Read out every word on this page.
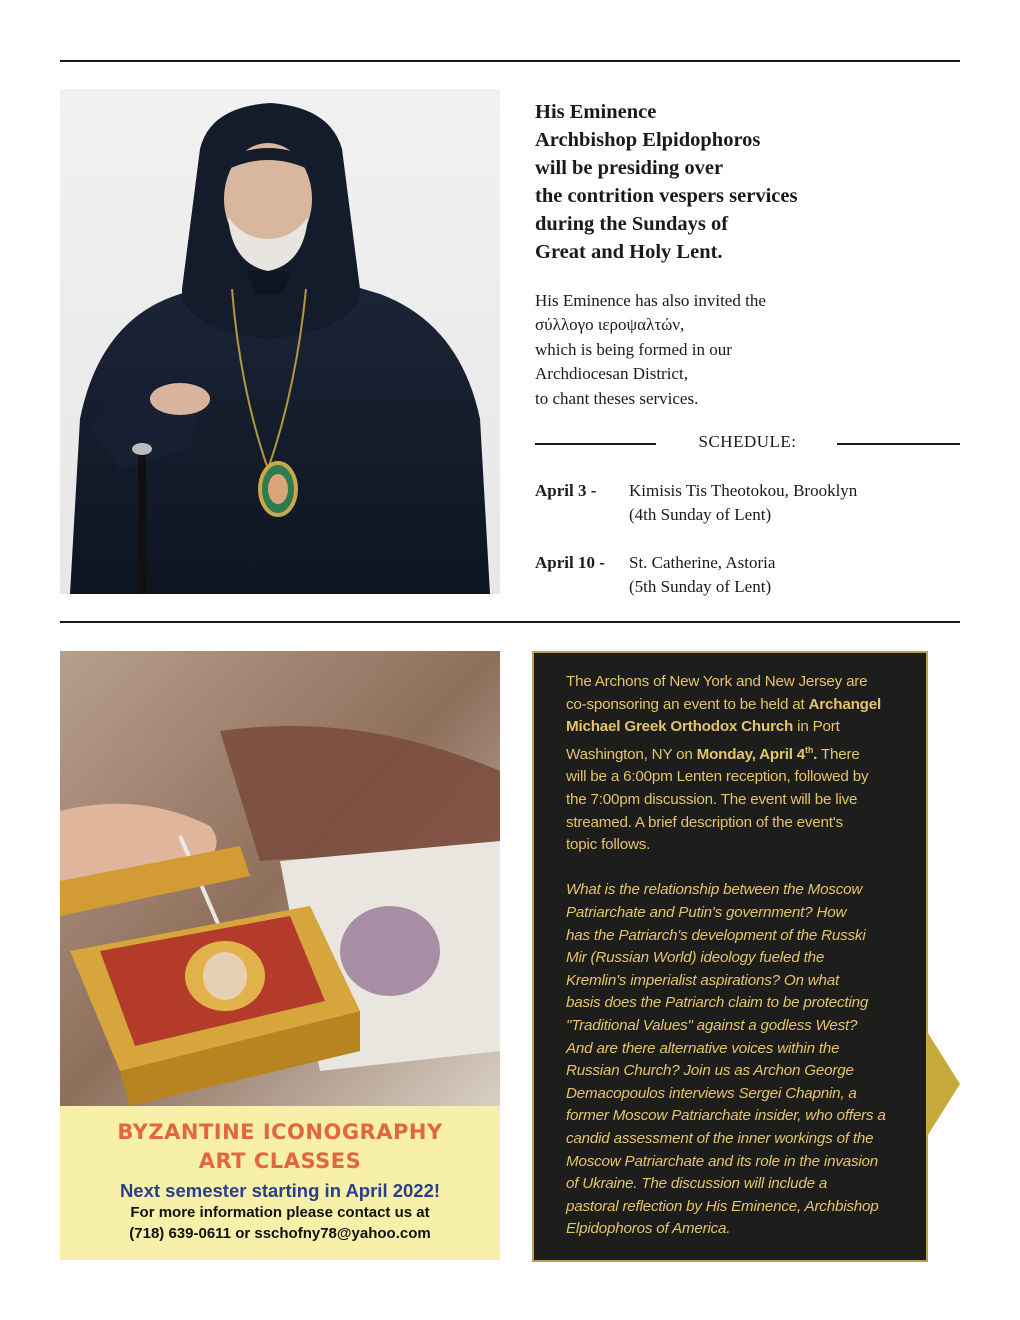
His Eminence
Archbishop Elpidophoros
will be presiding over
the contrition vespers services
during the Sundays of
Great and Holy Lent.
His Eminence has also invited the
σύλλογο ιεροψαλτών,
which is being formed in our
Archdiocesan District,
to chant theses services.
SCHEDULE:
April 3 - Kimisis Tis Theotokou, Brooklyn
(4th Sunday of Lent)
April 10 - St. Catherine, Astoria
(5th Sunday of Lent)
BYZANTINE ICONOGRAPHY
ART CLASSES
Next semester starting in April 2022!
For more information please contact us at
(718) 639-0611 or sschofny78@yahoo.com
The Archons of New York and New Jersey are
co-sponsoring an event to be held at Archangel
Michael Greek Orthodox Church in Port
Washington, NY on Monday, April 4th. There
will be a 6:00pm Lenten reception, followed by
the 7:00pm discussion. The event will be live
streamed. A brief description of the event's
topic follows.
What is the relationship between the Moscow
Patriarchate and Putin's government? How
has the Patriarch's development of the Russki
Mir (Russian World) ideology fueled the
Kremlin's imperialist aspirations? On what
basis does the Patriarch claim to be protecting
"Traditional Values" against a godless West?
And are there alternative voices within the
Russian Church? Join us as Archon George
Demacopoulos interviews Sergei Chapnin, a
former Moscow Patriarchate insider, who offers a
candid assessment of the inner workings of the
Moscow Patriarchate and its role in the invasion
of Ukraine. The discussion will include a
pastoral reflection by His Eminence, Archbishop
Elpidophoros of America.
